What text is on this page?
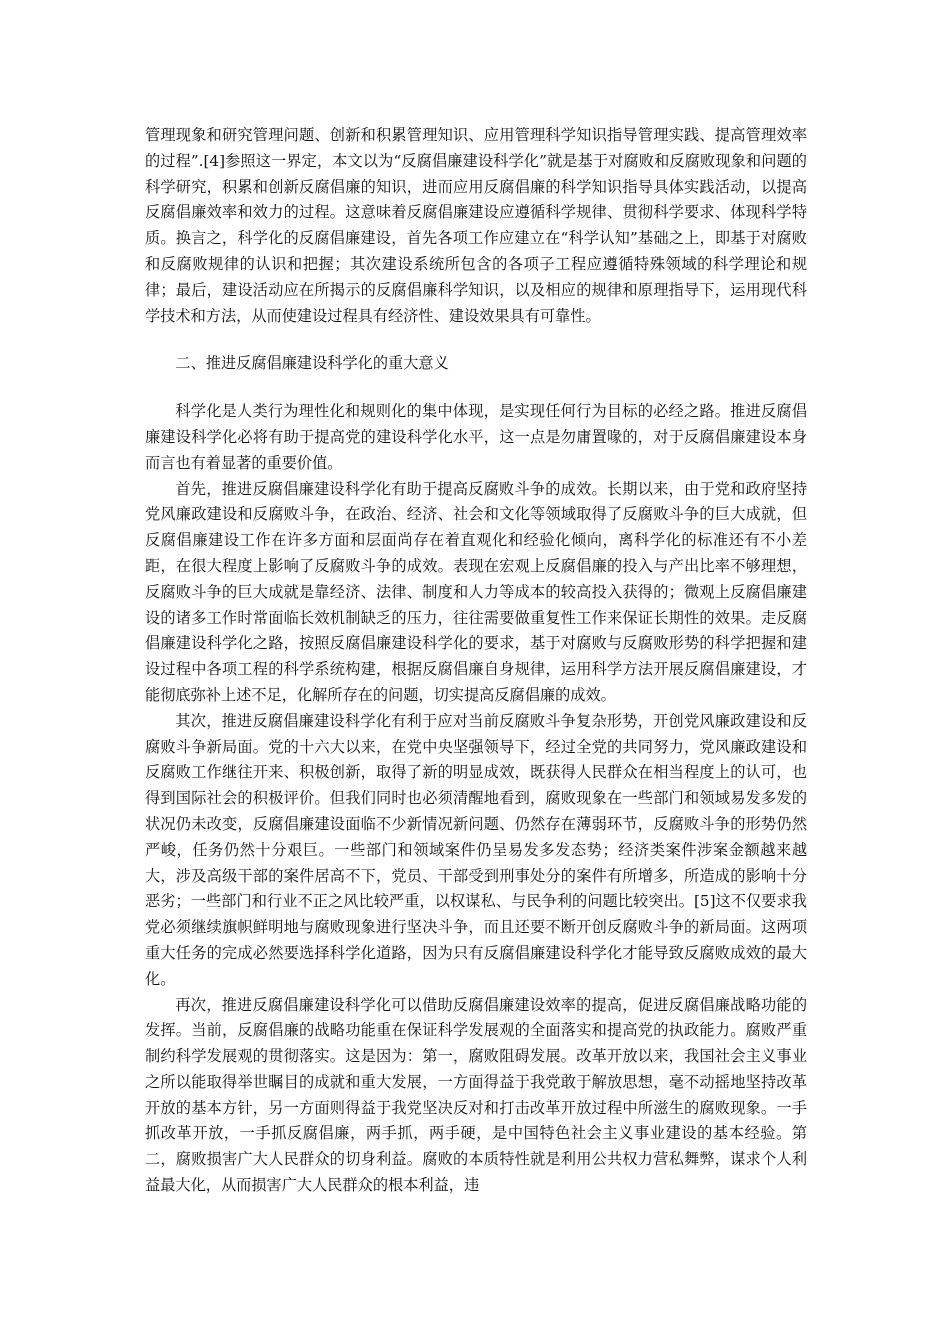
管理现象和研究管理问题、创新和积累管理知识、应用管理科学知识指导管理实践、提高管理效率的过程”.[4]参照这一界定，本文以为“反腐倡廉建设科学化”就是基于对腐败和反腐败现象和问题的科学研究，积累和创新反腐倡廉的知识，进而应用反腐倡廉的科学知识指导具体实践活动，以提高反腐倡廉效率和效力的过程。这意味着反腐倡廉建设应遵循科学规律、贯彻科学要求、体现科学特质。换言之，科学化的反腐倡廉建设，首先各项工作应建立在“科学认知”基础之上，即基于对腐败和反腐败规律的认识和把握；其次建设系统所包含的各项子工程应遵循特殊领域的科学理论和规律；最后，建设活动应在所揭示的反腐倡廉科学知识，以及相应的规律和原理指导下，运用现代科学技术和方法，从而使建设过程具有经济性、建设效果具有可靠性。

二、推进反腐倡廉建设科学化的重大意义

科学化是人类行为理性化和规则化的集中体现，是实现任何行为目标的必经之路。推进反腐倡廉建设科学化必将有助于提高党的建设科学化水平，这一点是勿庸置喙的，对于反腐倡廉建设本身而言也有着显著的重要价值。

首先，推进反腐倡廉建设科学化有助于提高反腐败斗争的成效。长期以来，由于党和政府坚持党风廉政建设和反腐败斗争，在政治、经济、社会和文化等领域取得了反腐败斗争的巨大成就，但反腐倡廉建设工作在许多方面和层面尚存在着直观化和经验化倾向，离科学化的标准还有不小差距，在很大程度上影响了反腐败斗争的成效。表现在宏观上反腐倡廉的投入与产出比率不够理想，反腐败斗争的巨大成就是靠经济、法律、制度和人力等成本的较高投入获得的；微观上反腐倡廉建设的诸多工作时常面临长效机制缺乏的压力，往往需要做重复性工作来保证长期性的效果。走反腐倡廉建设科学化之路，按照反腐倡廉建设科学化的要求，基于对腐败与反腐败形势的科学把握和建设过程中各项工程的科学系统构建，根据反腐倡廉自身规律，运用科学方法开展反腐倡廉建设，才能彻底弥补上述不足，化解所存在的问题，切实提高反腐倡廉的成效。

其次，推进反腐倡廉建设科学化有利于应对当前反腐败斗争复杂形势，开创党风廉政建设和反腐败斗争新局面。党的十六大以来，在党中央坚强领导下，经过全党的共同努力，党风廉政建设和反腐败工作继往开来、积极创新，取得了新的明显成效，既获得人民群众在相当程度上的认可，也得到国际社会的积极评价。但我们同时也必须清醒地看到，腐败现象在一些部门和领域易发多发的状况仍未改变，反腐倡廉建设面临不少新情况新问题、仍然存在薄弱环节，反腐败斗争的形势仍然严峻，任务仍然十分艰巨。一些部门和领域案件仍呈易发多发态势；经济类案件涉案金额越来越大，涉及高级干部的案件居高不下，党员、干部受到刑事处分的案件有所增多，所造成的影响十分恶劣；一些部门和行业不正之风比较严重，以权谋私、与民争利的问题比较突出。[5]这不仅要求我党必须继续旗帜鲜明地与腐败现象进行坚决斗争，而且还要不断开创反腐败斗争的新局面。这两项重大任务的完成必然要选择科学化道路，因为只有反腐倡廉建设科学化才能导致反腐败成效的最大化。

再次，推进反腐倡廉建设科学化可以借助反腐倡廉建设效率的提高，促进反腐倡廉战略功能的发挥。当前，反腐倡廉的战略功能重在保证科学发展观的全面落实和提高党的执政能力。腐败严重制约科学发展观的贯彻落实。这是因为：第一，腐败阻碍发展。改革开放以来，我国社会主义事业之所以能取得举世瞩目的成就和重大发展，一方面得益于我党敢于解放思想，毫不动摇地坚持改革开放的基本方针，另一方面则得益于我党坚决反对和打击改革开放过程中所滋生的腐败现象。一手抓改革开放，一手抓反腐倡廉，两手抓，两手硬，是中国特色社会主义事业建设的基本经验。第二，腐败损害广大人民群众的切身利益。腐败的本质特性就是利用公共权力营私舞弊，谋求个人利益最大化，从而损害广大人民群众的根本利益，违
